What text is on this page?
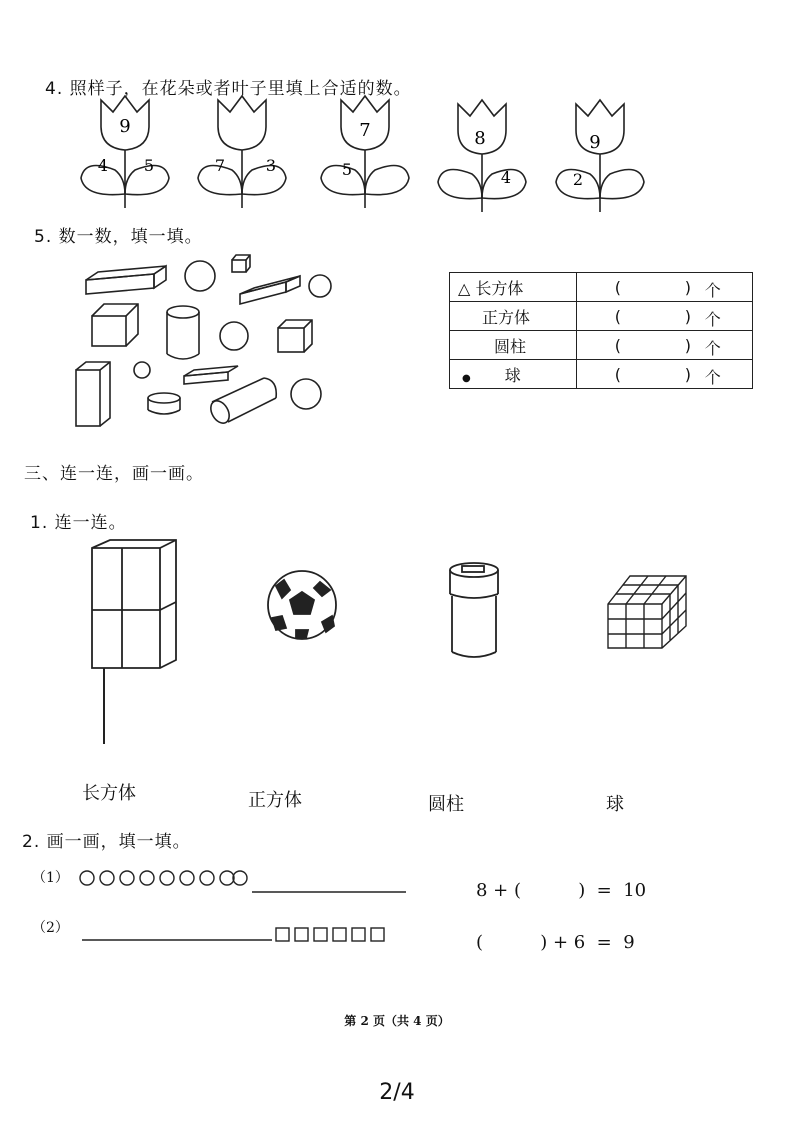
4. 照样子，在花朵或者叶子里填上合适的数。
9
4 5	7	3
7
5
8
4
9
2
5. 数一数，填一填。
△ 长方体	( ) 个

正方体	( ) 个

圆柱	( ) 个

● 球	( ) 个
三、连一连，画一画。
1. 连一连。
长方体	正方体	圆柱	球
2. 画一画，填一填。
（1）
8 + (          )  =  10
（2）
(          ) + 6  =  9
第 2 页（共 4 页）
2/4
